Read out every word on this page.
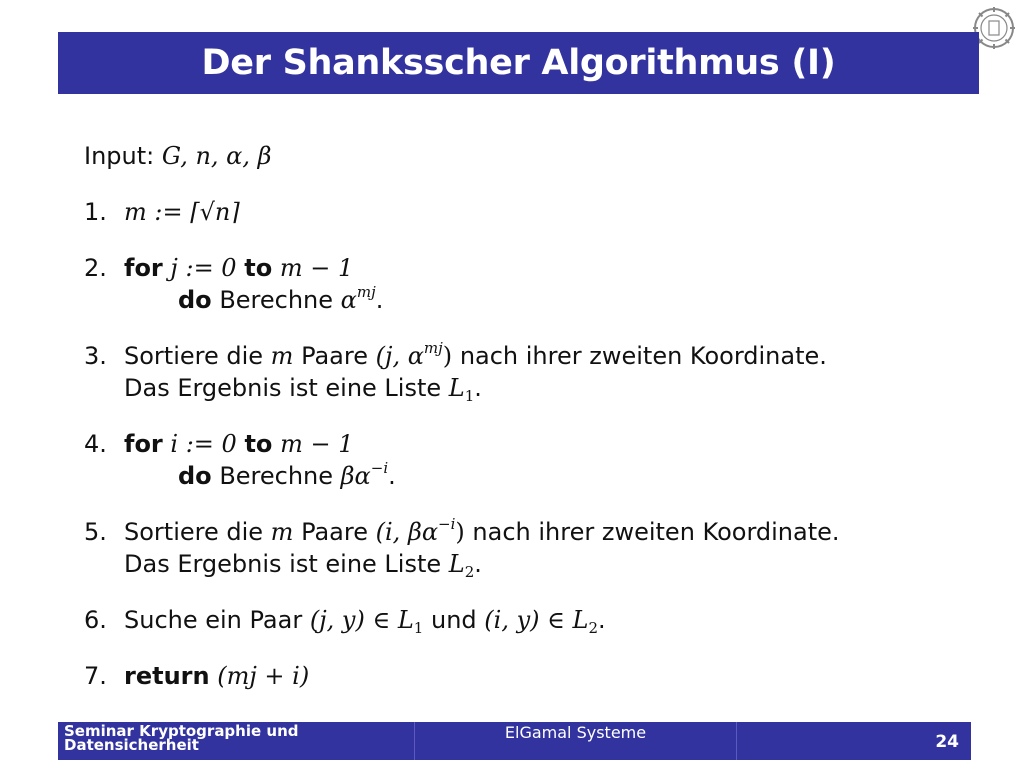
Der Shanksscher Algorithmus (I)
Input: G, n, α, β
1. m := ⌈√n⌉
2. for j := 0 to m − 1
do Berechne $\alpha^{mj}$.
3. Sortiere die m Paare (j, $\alpha^{mj}$) nach ihrer zweiten Koordinate.
Das Ergebnis ist eine Liste $L_1$.
4. for i := 0 to m − 1
do Berechne $\beta\alpha^{-i}$.
5. Sortiere die m Paare (i, $\beta\alpha^{-i}$) nach ihrer zweiten Koordinate.
Das Ergebnis ist eine Liste $L_2$.
6. Suche ein Paar (j, y) ∈ $L_1$ und (i, y) ∈ $L_2$.
7. return (mj + i)
Seminar Kryptographie und
Datensicherheit
ElGamal Systeme	24
